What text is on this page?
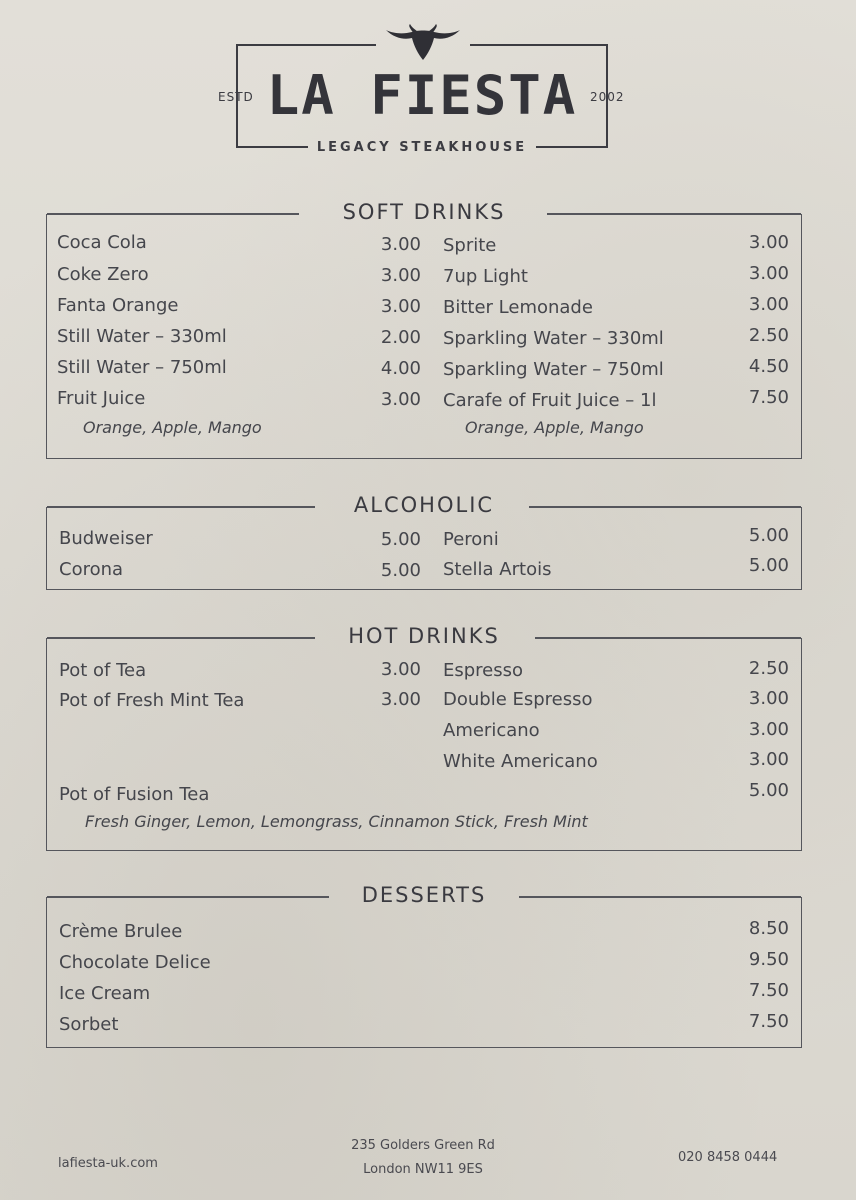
ESTD LA FIESTA	2002
LEGACY STEAKHOUSE
SOFT DRINKS
Coca Cola	3.00
Coke Zero	3.00
Fanta Orange	3.00
Still Water – 330ml	2.00
Still Water – 750ml	4.00
Fruit Juice	3.00
Orange, Apple, Mango
Sprite	3.00
7up Light	3.00
Bitter Lemonade	3.00
Sparkling Water – 330ml	2.50
Sparkling Water – 750ml	4.50
Carafe of Fruit Juice – 1l	7.50
Orange, Apple, Mango
ALCOHOLIC
Budweiser	5.00
Corona	5.00
Peroni	5.00
Stella Artois	5.00
HOT DRINKS
Pot of Tea	3.00
Pot of Fresh Mint Tea	3.00
Espresso	2.50
Double Espresso	3.00
Americano	3.00
White Americano	3.00
Pot of Fusion Tea	5.00
Fresh Ginger, Lemon, Lemongrass, Cinnamon Stick, Fresh Mint
DESSERTS
Crème Brulee	8.50
Chocolate Delice	9.50
Ice Cream	7.50
Sorbet	7.50
lafiesta-uk.com
235 Golders Green Rd
London NW11 9ES
020 8458 0444
